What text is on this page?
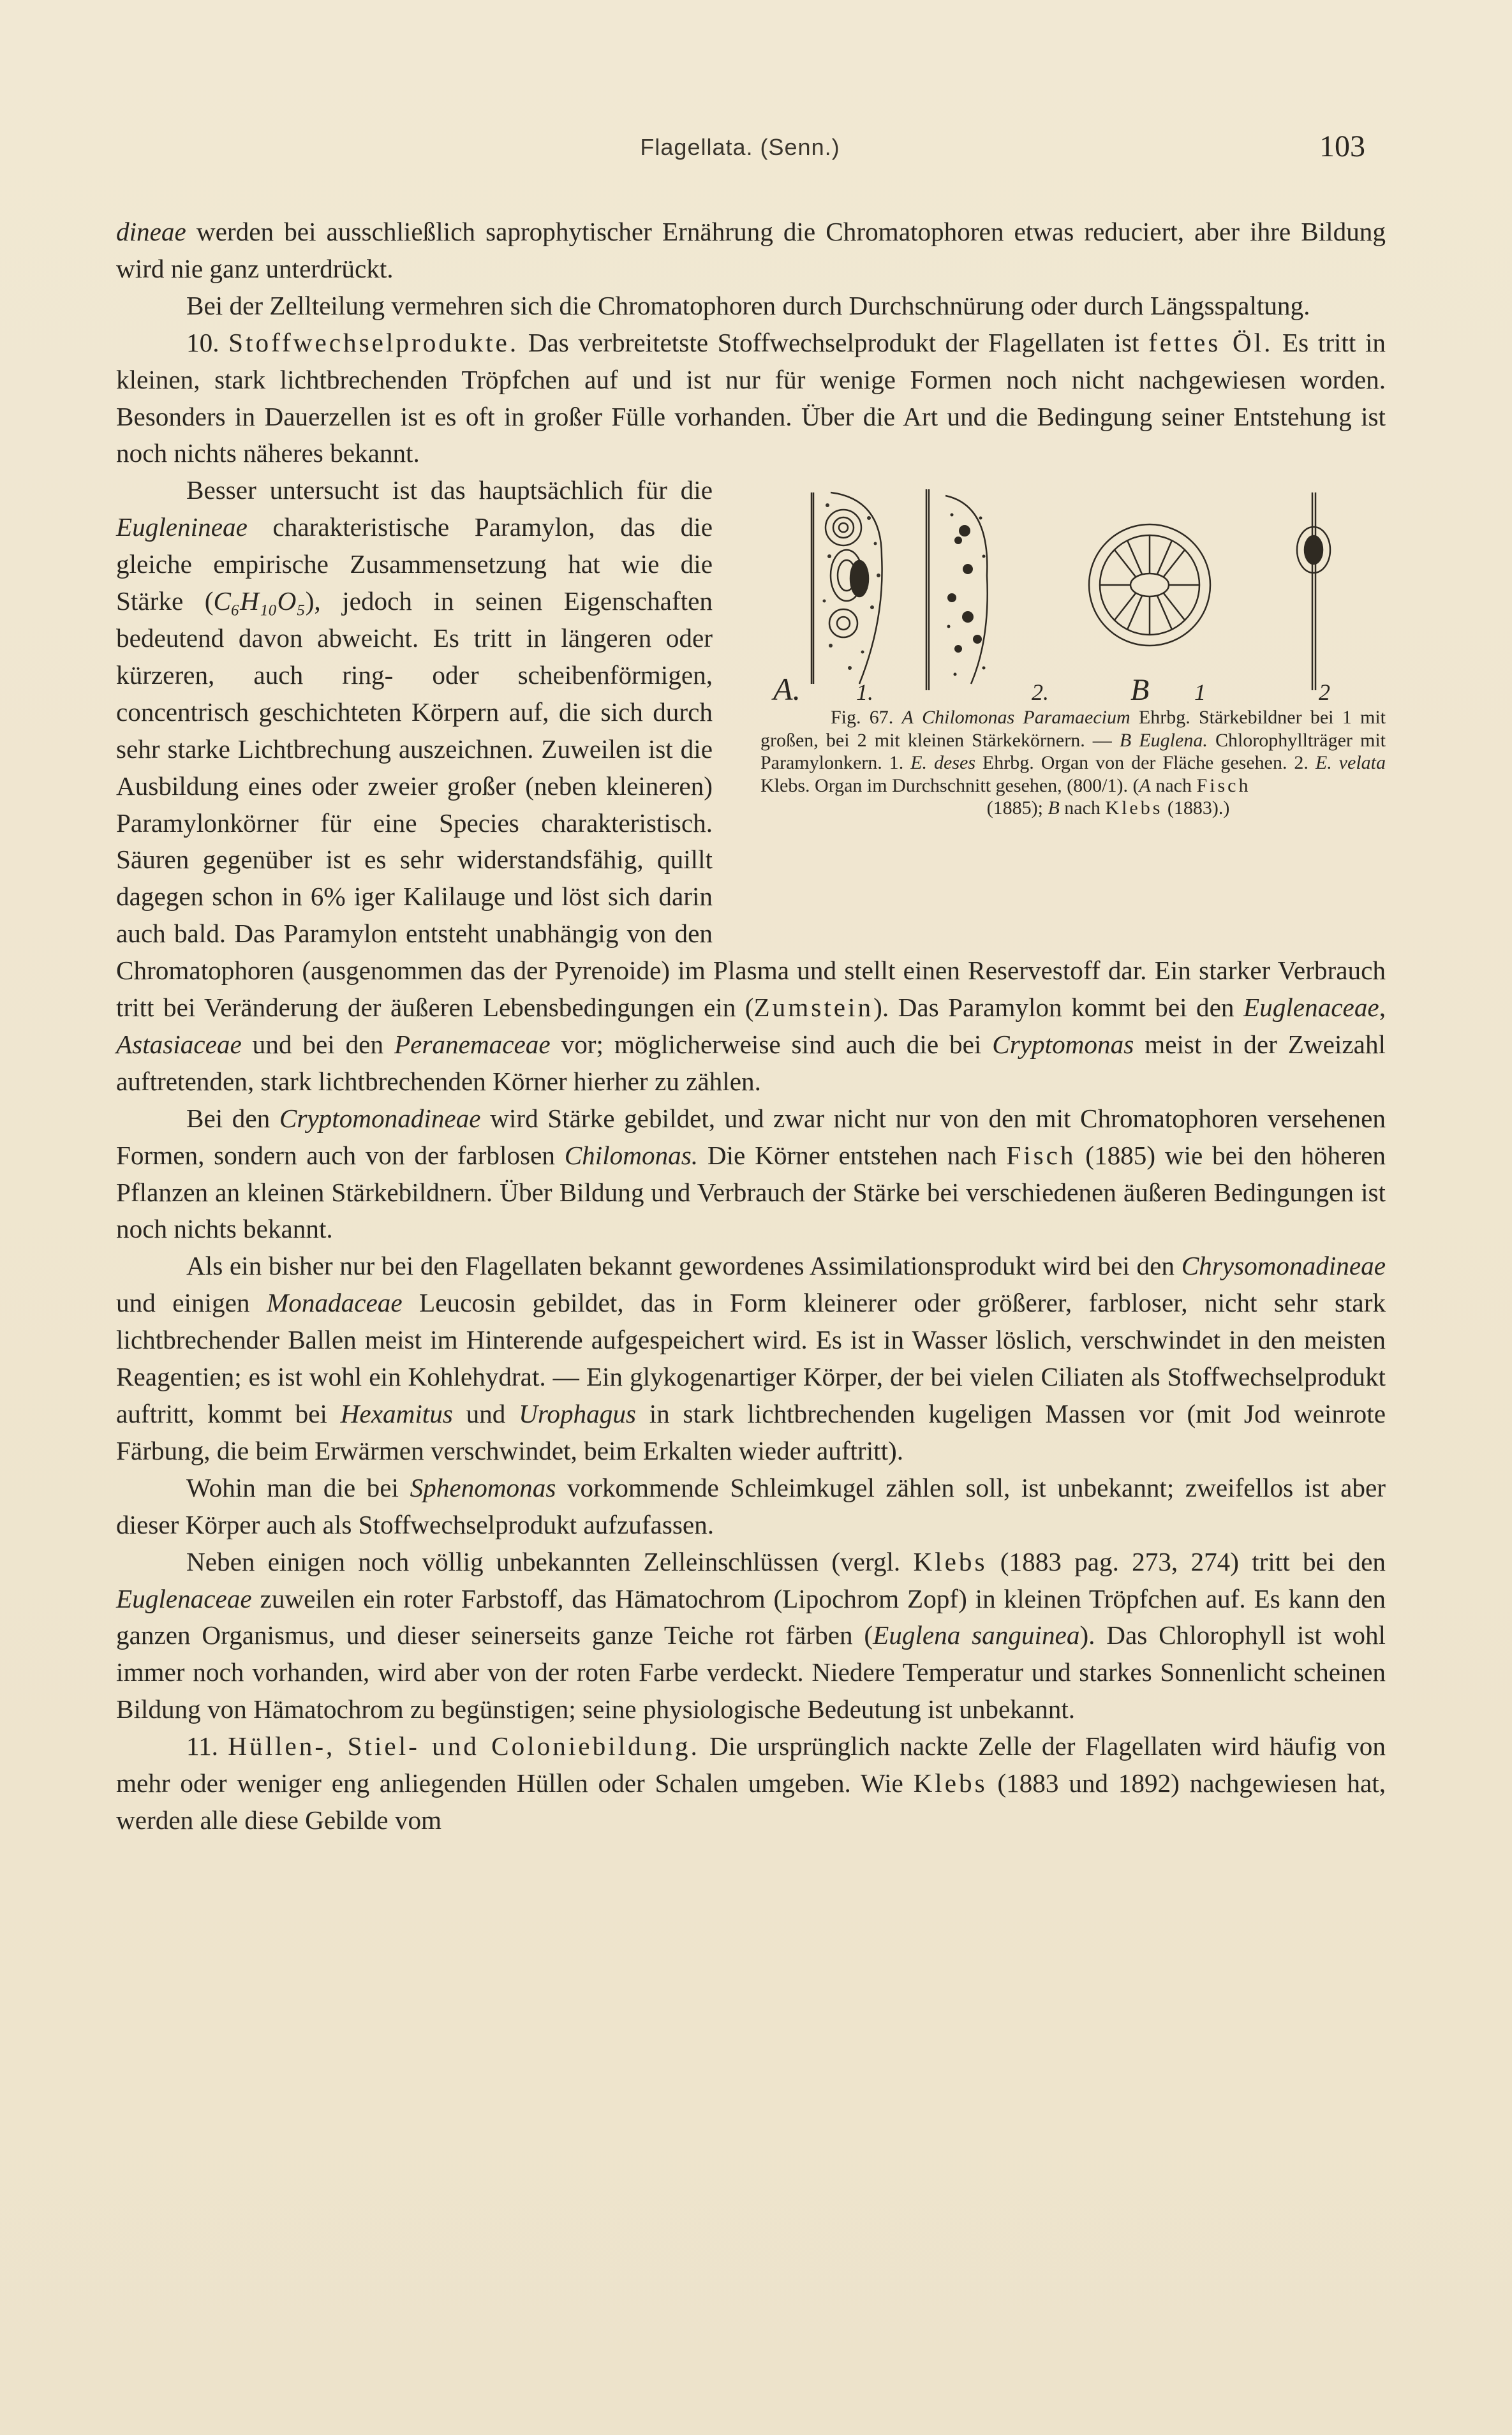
Flagellata. (Senn.)	103

dineae werden bei ausschließlich saprophytischer Ernährung die Chromatophoren etwas reduciert, aber ihre Bildung wird nie ganz unterdrückt.

Bei der Zellteilung vermehren sich die Chromatophoren durch Durchschnürung oder durch Längsspaltung.

10. Stoffwechselprodukte. Das verbreitetste Stoffwechselprodukt der Flagellaten ist fettes Öl. Es tritt in kleinen, stark lichtbrechenden Tröpfchen auf und ist nur für wenige Formen noch nicht nachgewiesen worden. Besonders in Dauerzellen ist es oft in großer Fülle vorhanden. Über die Art und die Bedingung seiner Entstehung ist noch nichts näheres bekannt.

A. 1.	2.	B 1	2
Fig. 67. A Chilomonas Paramaecium Ehrbg. Stärkebildner bei 1 mit großen, bei 2 mit kleinen Stärkekörnern. — B Euglena. Chlorophyllträger mit Paramylonkern. 1. E. deses Ehrbg. Organ von der Fläche gesehen. 2. E. velata Klebs. Organ im Durchschnitt gesehen, (800/1). (A nach Fisch
(1885); B nach Klebs (1883).)
Besser untersucht ist das hauptsächlich für die Euglenineae charakteristische Paramylon, das die gleiche empirische Zusammensetzung hat wie die Stärke (C₆H₁₀O₅), jedoch in seinen Eigenschaften bedeutend davon abweicht. Es tritt in längeren oder kürzeren, auch ring- oder scheibenförmigen, concentrisch geschichteten Körpern auf, die sich durch sehr starke Lichtbrechung auszeichnen. Zuweilen ist die Ausbildung eines oder zweier großer (neben kleineren) Paramylonkörner für eine Species charakteristisch. Säuren gegenüber ist es sehr widerstandsfähig, quillt dagegen schon in 6% iger Kalilauge und löst sich darin auch bald. Das Paramylon entsteht unabhängig von den Chromatophoren (ausgenommen das der Pyrenoide) im Plasma und stellt einen Reservestoff dar. Ein starker Verbrauch tritt bei Veränderung der äußeren Lebensbedingungen ein (Zumstein). Das Paramylon kommt bei den Euglenaceae, Astasiaceae und bei den Peranemaceae vor; möglicherweise sind auch die bei Cryptomonas meist in der Zweizahl auftretenden, stark lichtbrechenden Körner hierher zu zählen.

Bei den Cryptomonadineae wird Stärke gebildet, und zwar nicht nur von den mit Chromatophoren versehenen Formen, sondern auch von der farblosen Chilomonas. Die Körner entstehen nach Fisch (1885) wie bei den höheren Pflanzen an kleinen Stärkebildnern. Über Bildung und Verbrauch der Stärke bei verschiedenen äußeren Bedingungen ist noch nichts bekannt.

Als ein bisher nur bei den Flagellaten bekannt gewordenes Assimilationsprodukt wird bei den Chrysomonadineae und einigen Monadaceae Leucosin gebildet, das in Form kleinerer oder größerer, farbloser, nicht sehr stark lichtbrechender Ballen meist im Hinterende aufgespeichert wird. Es ist in Wasser löslich, verschwindet in den meisten Reagentien; es ist wohl ein Kohlehydrat. — Ein glykogenartiger Körper, der bei vielen Ciliaten als Stoffwechselprodukt auftritt, kommt bei Hexamitus und Urophagus in stark lichtbrechenden kugeligen Massen vor (mit Jod weinrote Färbung, die beim Erwärmen verschwindet, beim Erkalten wieder auftritt).

Wohin man die bei Sphenomonas vorkommende Schleimkugel zählen soll, ist unbekannt; zweifellos ist aber dieser Körper auch als Stoffwechselprodukt aufzufassen.

Neben einigen noch völlig unbekannten Zelleinschlüssen (vergl. Klebs (1883 pag. 273, 274) tritt bei den Euglenaceae zuweilen ein roter Farbstoff, das Hämatochrom (Lipochrom Zopf) in kleinen Tröpfchen auf. Es kann den ganzen Organismus, und dieser seinerseits ganze Teiche rot färben (Euglena sanguinea). Das Chlorophyll ist wohl immer noch vorhanden, wird aber von der roten Farbe verdeckt. Niedere Temperatur und starkes Sonnenlicht scheinen Bildung von Hämatochrom zu begünstigen; seine physiologische Bedeutung ist unbekannt.

11. Hüllen-, Stiel- und Coloniebildung. Die ursprünglich nackte Zelle der Flagellaten wird häufig von mehr oder weniger eng anliegenden Hüllen oder Schalen umgeben. Wie Klebs (1883 und 1892) nachgewiesen hat, werden alle diese Gebilde vom
